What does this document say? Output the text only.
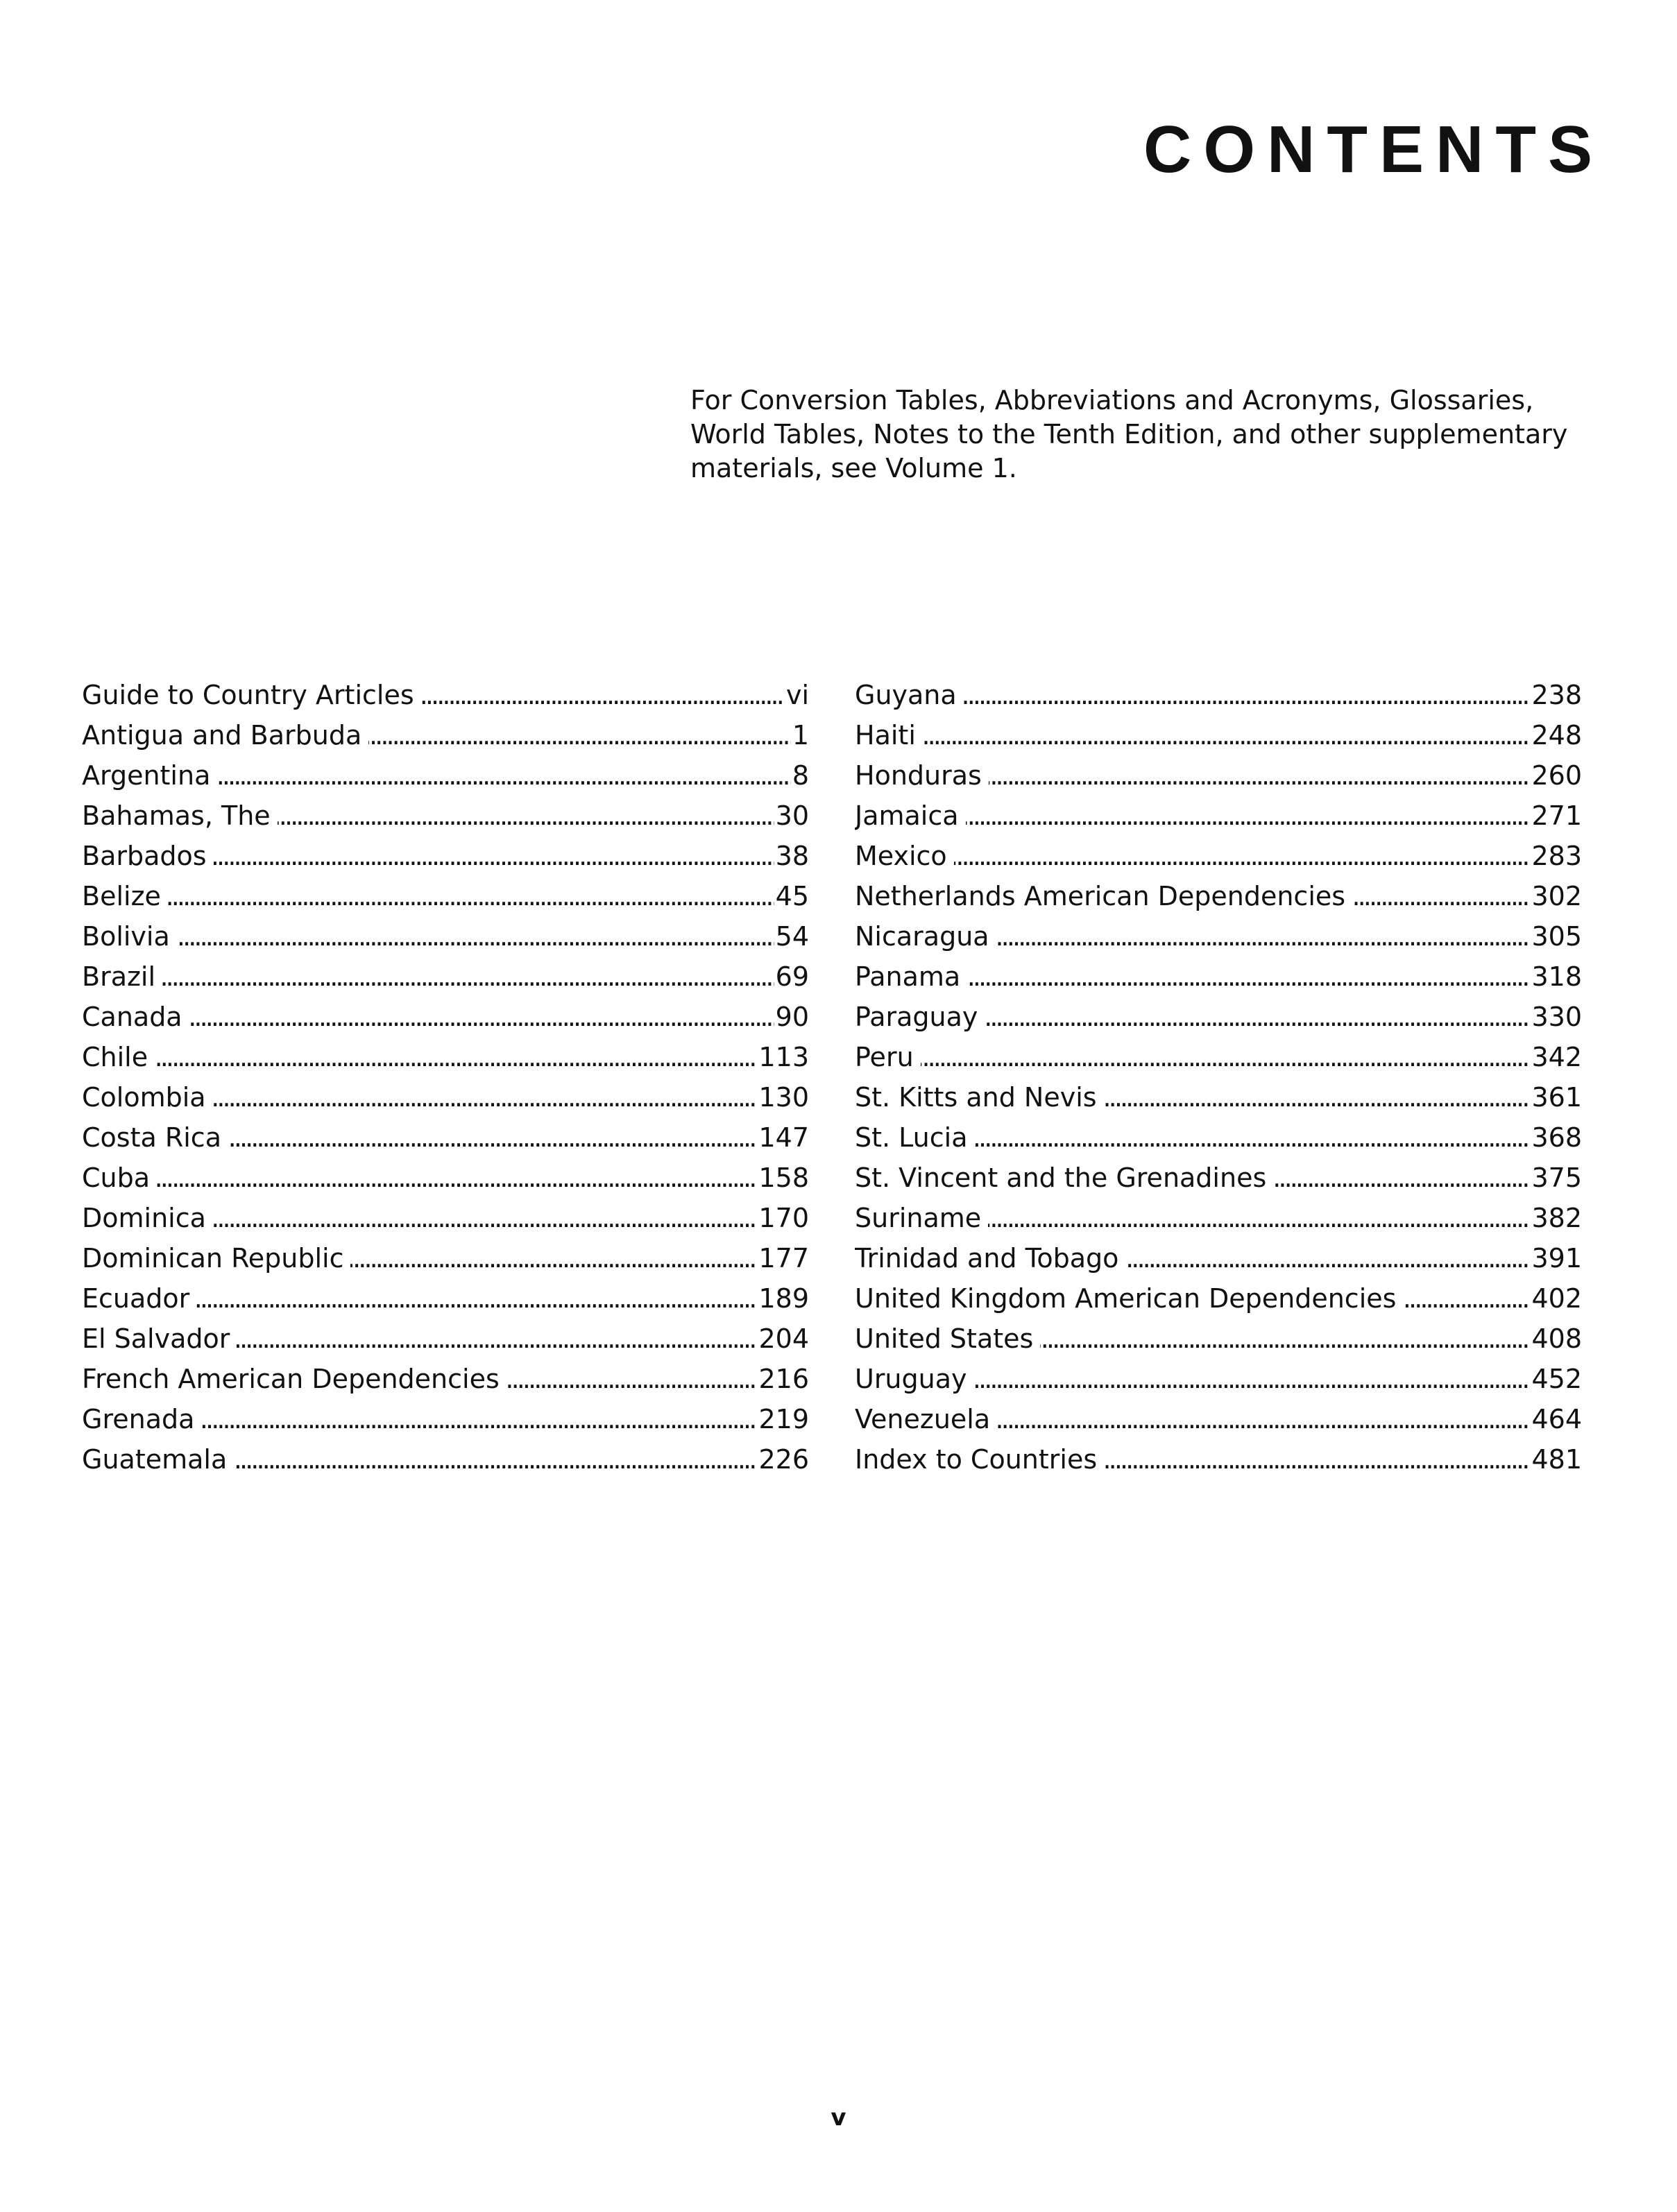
CONTENTS
For Conversion Tables, Abbreviations and Acronyms, Glossaries, World Tables, Notes to the Tenth Edition, and other supplementary materials, see Volume 1.
Guide to Country Articles . . .	vi
Antigua and Barbuda . . .	1
Argentina . . .	8
Bahamas, The . . .	30
Barbados . . .	38
Belize . . .	45
Bolivia . . .	54
Brazil . . .	69
Canada . . .	90
Chile . . .	113
Colombia . . .	130
Costa Rica . . .	147
Cuba . . .	158
Dominica . . .	170
Dominican Republic . . .	177
Ecuador . . .	189
El Salvador . . .	204
French American Dependencies . . .	216
Grenada . . .	219
Guatemala . . .	226
Guyana . . .	238
Haiti . . .	248
Honduras . . .	260
Jamaica . . .	271
Mexico . . .	283
Netherlands American Dependencies . . .	302
Nicaragua . . .	305
Panama . . .	318
Paraguay . . .	330
Peru . . .	342
St. Kitts and Nevis . . .	361
St. Lucia . . .	368
St. Vincent and the Grenadines . . .	375
Suriname . . .	382
Trinidad and Tobago . . .	391
United Kingdom American Dependencies . . .	402
United States . . .	408
Uruguay . . .	452
Venezuela . . .	464
Index to Countries . . .	481
v
